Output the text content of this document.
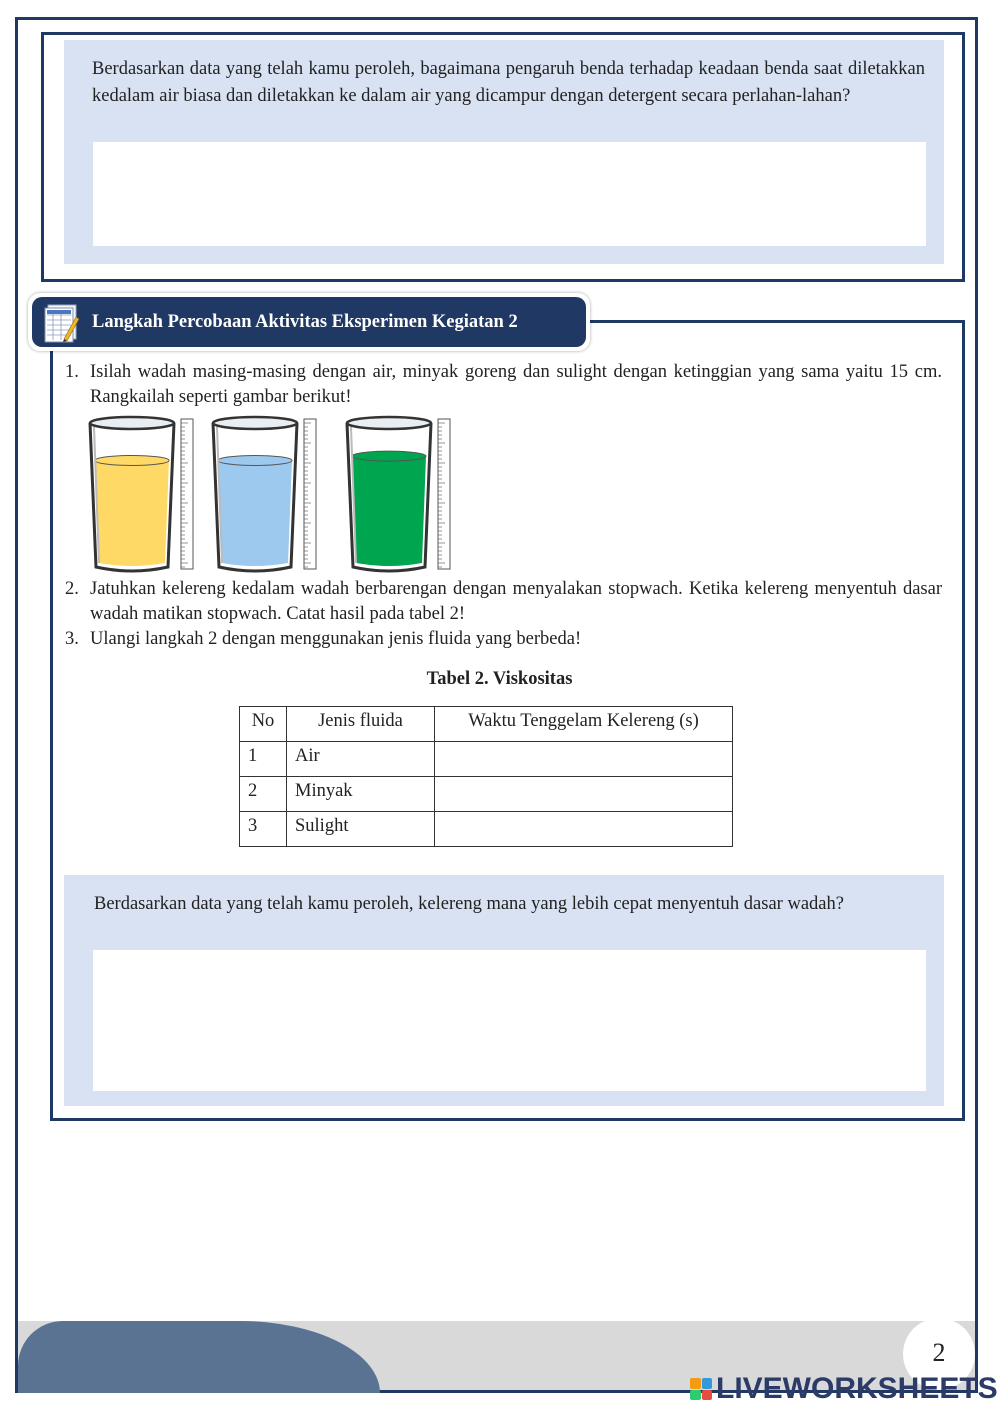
Berdasarkan data yang telah kamu peroleh, bagaimana pengaruh benda terhadap keadaan benda saat diletakkan kedalam air biasa dan diletakkan ke dalam air yang dicampur dengan detergent secara perlahan-lahan?
Langkah Percobaan Aktivitas Eksperimen Kegiatan 2
1. Isilah wadah masing-masing dengan air, minyak goreng dan sulight dengan ketinggian yang sama yaitu 15 cm. Rangkailah seperti gambar berikut!
2. Jatuhkan kelereng kedalam wadah berbarengan dengan menyalakan stopwach. Ketika kelereng menyentuh dasar wadah matikan stopwach. Catat hasil pada tabel 2!
3. Ulangi langkah 2 dengan menggunakan jenis fluida yang berbeda!
Tabel 2. Viskositas
No	Jenis fluida	Waktu Tenggelam Kelereng (s)
1	Air	
2	Minyak	
3	Sulight	
Berdasarkan data yang telah kamu peroleh, kelereng mana yang lebih cepat menyentuh dasar wadah?
2
LIVEWORKSHEETS
